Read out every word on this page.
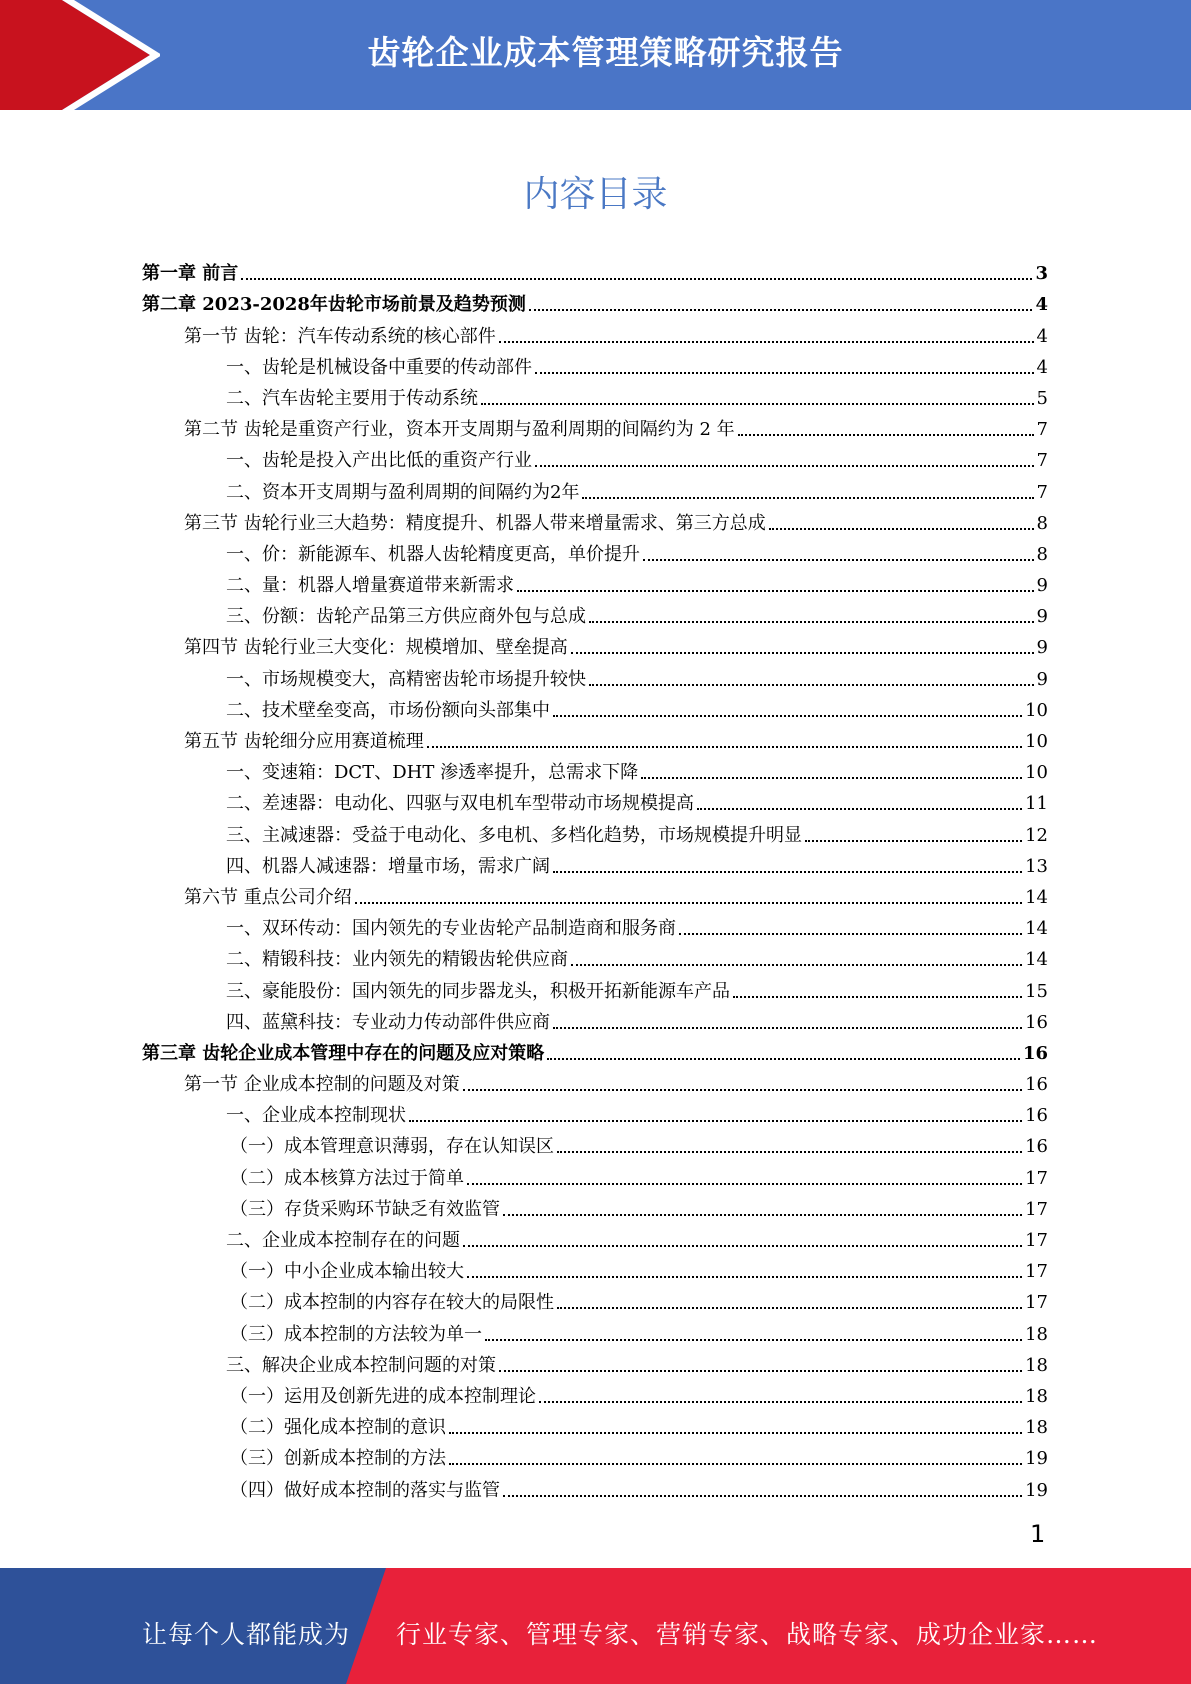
齿轮企业成本管理策略研究报告
内容目录
第一章 前言	3
第二章 2023-2028年齿轮市场前景及趋势预测	4
第一节 齿轮：汽车传动系统的核心部件	4
一、齿轮是机械设备中重要的传动部件	4
二、汽车齿轮主要用于传动系统	5
第二节 齿轮是重资产行业，资本开支周期与盈利周期的间隔约为 2 年	7
一、齿轮是投入产出比低的重资产行业	7
二、资本开支周期与盈利周期的间隔约为2年	7
第三节 齿轮行业三大趋势：精度提升、机器人带来增量需求、第三方总成	8
一、价：新能源车、机器人齿轮精度更高，单价提升	8
二、量：机器人增量赛道带来新需求	9
三、份额：齿轮产品第三方供应商外包与总成	9
第四节 齿轮行业三大变化：规模增加、壁垒提高	9
一、市场规模变大，高精密齿轮市场提升较快	9
二、技术壁垒变高，市场份额向头部集中	10
第五节 齿轮细分应用赛道梳理	10
一、变速箱：DCT、DHT 渗透率提升，总需求下降	10
二、差速器：电动化、四驱与双电机车型带动市场规模提高	11
三、主减速器：受益于电动化、多电机、多档化趋势，市场规模提升明显	12
四、机器人减速器：增量市场，需求广阔	13
第六节 重点公司介绍	14
一、双环传动：国内领先的专业齿轮产品制造商和服务商	14
二、精锻科技：业内领先的精锻齿轮供应商	14
三、豪能股份：国内领先的同步器龙头，积极开拓新能源车产品	15
四、蓝黛科技：专业动力传动部件供应商	16
第三章 齿轮企业成本管理中存在的问题及应对策略	16
第一节 企业成本控制的问题及对策	16
一、企业成本控制现状	16
（一）成本管理意识薄弱，存在认知误区	16
（二）成本核算方法过于简单	17
（三）存货采购环节缺乏有效监管	17
二、企业成本控制存在的问题	17
（一）中小企业成本输出较大	17
（二）成本控制的内容存在较大的局限性	17
（三）成本控制的方法较为单一	18
三、解决企业成本控制问题的对策	18
（一）运用及创新先进的成本控制理论	18
（二）强化成本控制的意识	18
（三）创新成本控制的方法	19
（四）做好成本控制的落实与监管	19
1
让每个人都能成为 行业专家、管理专家、营销专家、战略专家、成功企业家……
